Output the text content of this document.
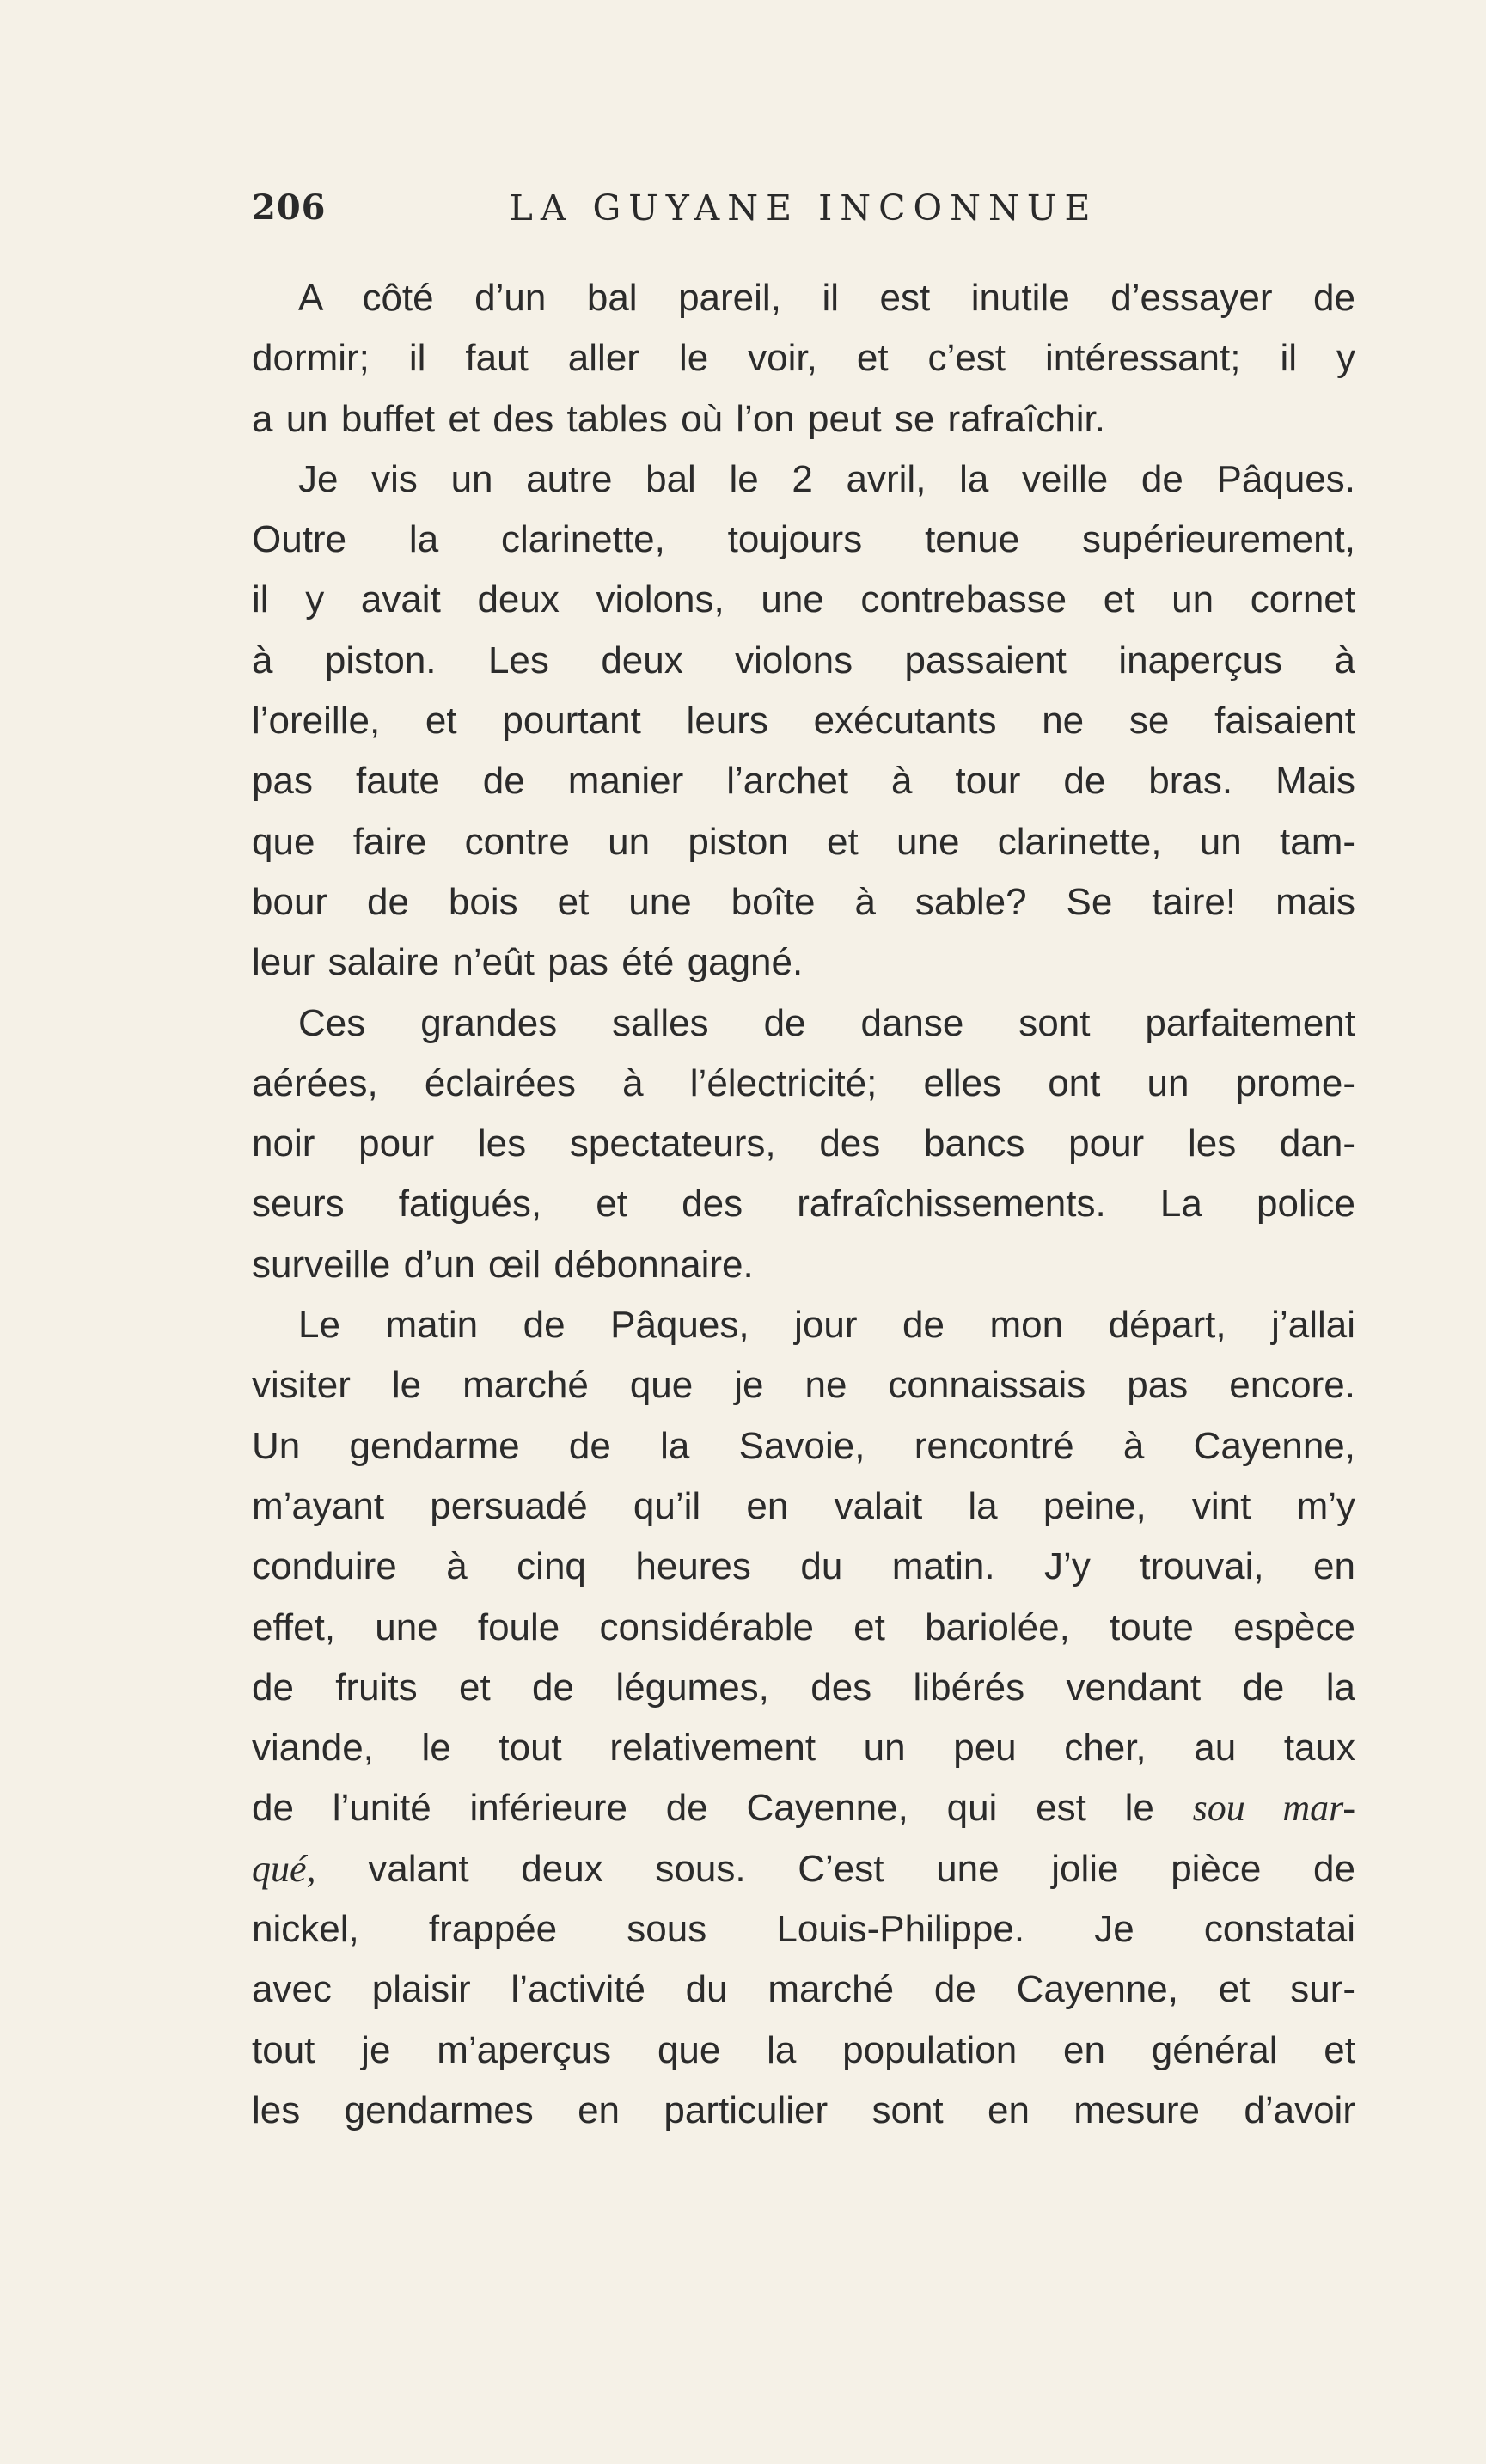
206	LA GUYANE INCONNUE
A côté d’un bal pareil, il est inutile d’essayer de
dormir; il faut aller le voir, et c’est intéressant; il y
a un buffet et des tables où l’on peut se rafraîchir.
Je vis un autre bal le 2 avril, la veille de Pâques.
Outre la clarinette, toujours tenue supérieurement,
il y avait deux violons, une contrebasse et un cornet
à piston. Les deux violons passaient inaperçus à
l’oreille, et pourtant leurs exécutants ne se faisaient
pas faute de manier l’archet à tour de bras. Mais
que faire contre un piston et une clarinette, un tam-
bour de bois et une boîte à sable? Se taire! mais
leur salaire n’eût pas été gagné.
Ces grandes salles de danse sont parfaitement
aérées, éclairées à l’électricité; elles ont un prome-
noir pour les spectateurs, des bancs pour les dan-
seurs fatigués, et des rafraîchissements. La police
surveille d’un œil débonnaire.
Le matin de Pâques, jour de mon départ, j’allai
visiter le marché que je ne connaissais pas encore.
Un gendarme de la Savoie, rencontré à Cayenne,
m’ayant persuadé qu’il en valait la peine, vint m’y
conduire à cinq heures du matin. J’y trouvai, en
effet, une foule considérable et bariolée, toute espèce
de fruits et de légumes, des libérés vendant de la
viande, le tout relativement un peu cher, au taux
de l’unité inférieure de Cayenne, qui est le sou mar-
qué, valant deux sous. C’est une jolie pièce de
nickel, frappée sous Louis-Philippe. Je constatai
avec plaisir l’activité du marché de Cayenne, et sur-
tout je m’aperçus que la population en général et
les gendarmes en particulier sont en mesure d’avoir
